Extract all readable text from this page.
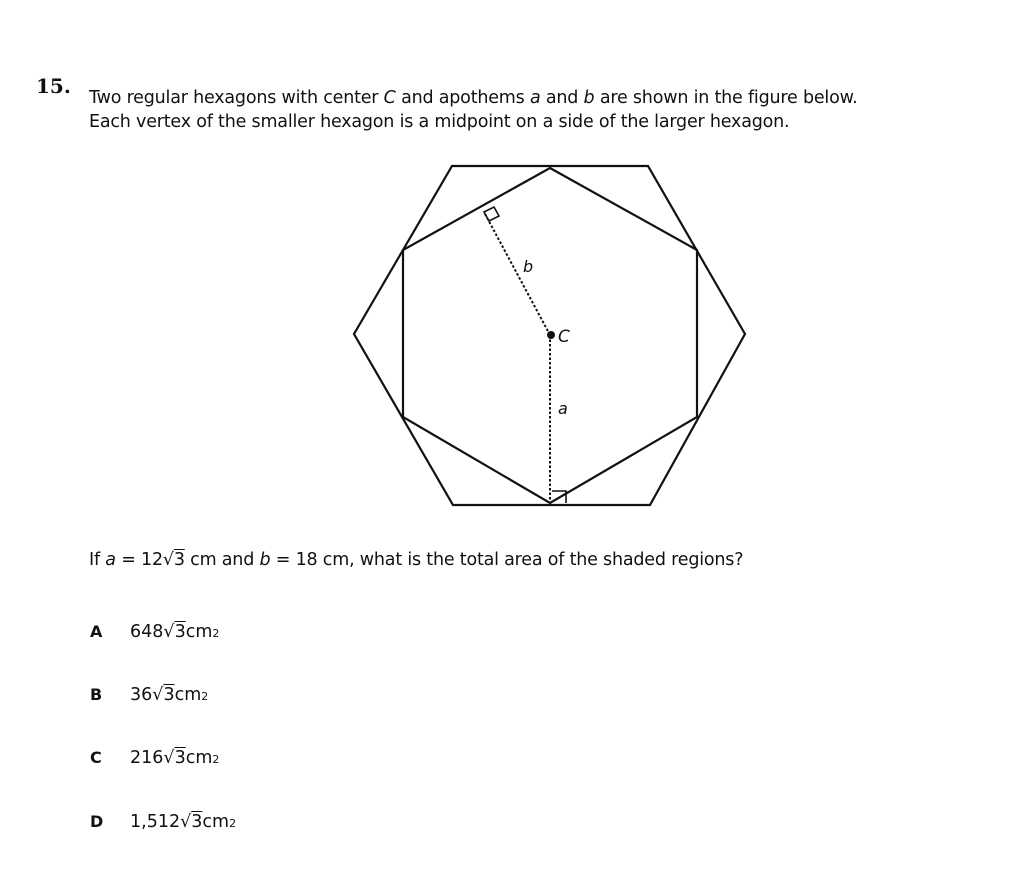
15. Two regular hexagons with center C and apothems a and b are shown in the figure below.
Each vertex of the smaller hexagon is a midpoint on a side of the larger hexagon.
C
b
a
If a = 12√3 cm and b = 18 cm, what is the total area of the shaded regions?
A	648 √3 cm 2
B	36 √3 cm 2
C	216 √3 cm 2
D	1,512 √3 cm 2
